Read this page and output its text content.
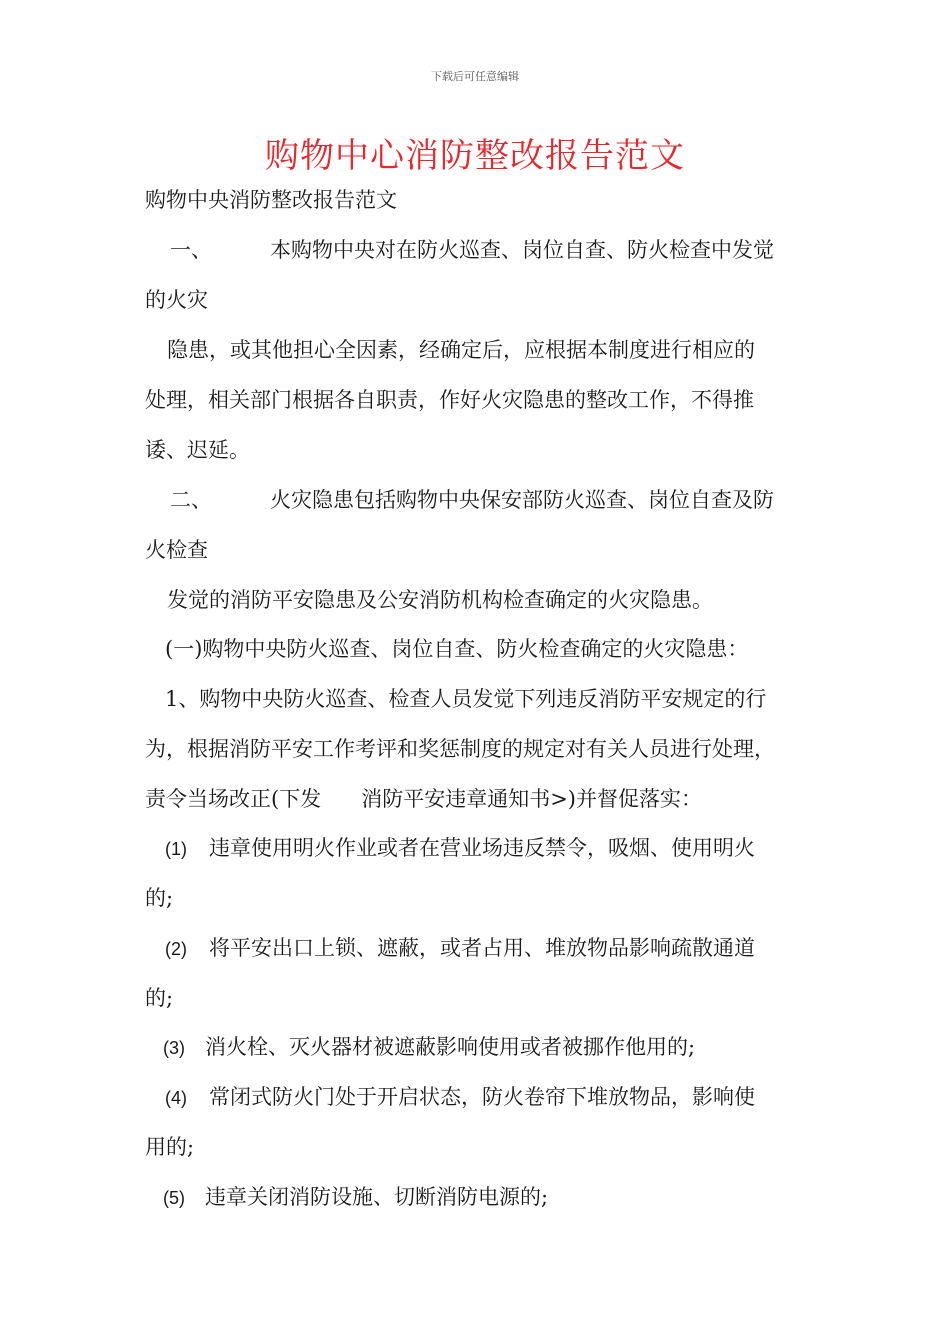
下载后可任意编辑
购物中心消防整改报告范文
购物中央消防整改报告范文
一、	本购物中央对在防火巡查、岗位自查、防火检查中发觉
的火灾
隐患，或其他担心全因素，经确定后，应根据本制度进行相应的
处理，相关部门根据各自职责，作好火灾隐患的整改工作，不得推
诿、迟延。
二、	火灾隐患包括购物中央保安部防火巡查、岗位自查及防
火检查
发觉的消防平安隐患及公安消防机构检查确定的火灾隐患。
(一)购物中央防火巡查、岗位自查、防火检查确定的火灾隐患：
1、购物中央防火巡查、检查人员发觉下列违反消防平安规定的行
为，根据消防平安工作考评和奖惩制度的规定对有关人员进行处理，
责令当场改正(下发 消防平安违章通知书>)并督促落实：
(1) 违章使用明火作业或者在营业场违反禁令，吸烟、使用明火
的;
(2) 将平安出口上锁、遮蔽，或者占用、堆放物品影响疏散通道
的;
(3) 消火栓、灭火器材被遮蔽影响使用或者被挪作他用的;
(4) 常闭式防火门处于开启状态，防火卷帘下堆放物品，影响使
用的;
(5) 违章关闭消防设施、切断消防电源的;
